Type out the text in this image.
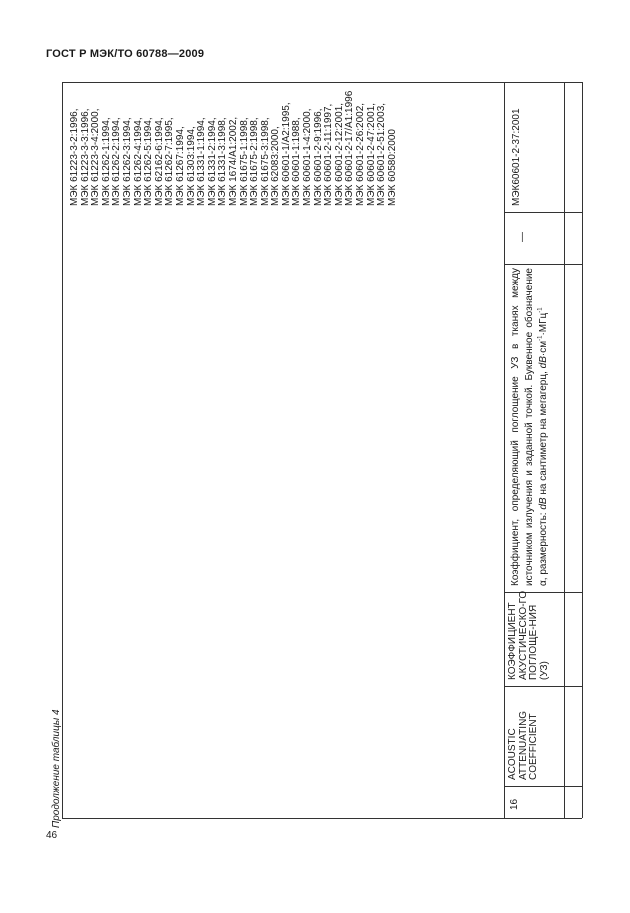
ГОСТ Р МЭК/ТО 60788—2009
Продолжение таблицы 4
46
16
ACOUSTIC ATTENUATING COEFFICIENT
КОЭФФИЦИЕНТ АКУСТИЧЕСКО-ГО ПОГЛОЩЕ-НИЯ (УЗ)
Коэффициент, определяющий поглощение УЗ в тканях между источником излучения и заданной точкой. Буквенное обозначение α, размерность: dB на сантиметр на мегагерц, $dB\cdot см^{-1}\cdot МГц^{-1}$
—
МЭК60601-2-37:2001
МЭК 61223-3-2:1996, МЭК 61223-3-3:1996, МЭК 61223-3-4:2000, МЭК 61262-1:1994, МЭК 61262-2:1994, МЭК 61262-3:1994, МЭК 61262-4:1994, МЭК 61262-5:1994, МЭК 62162-6:1994, МЭК 61262-7:1995, МЭК 61267:1994, МЭК 61303:1994, МЭК 61331-1:1994, МЭК 61331-2:1994, МЭК 61331-3:1998, МЭК 1674/А1:2002, МЭК 61675-1:1998, МЭК 61675-2:1998, МЭК 61675-3:1998, МЭК 62083:2000, МЭК 60601-1/А2:1995, МЭК 60601-1:1988, МЭК 60601-1-4:2000, МЭК 60601-2-9:1996, МЭК 60601-2-11:1997, МЭК 60601-2-12:2001, МЭК 60601-2-17/А1:1996 МЭК 60601-2-26:2002, МЭК 60601-2-47:2001, МЭК 60601-2-51:2003, МЭК 60580:2000
